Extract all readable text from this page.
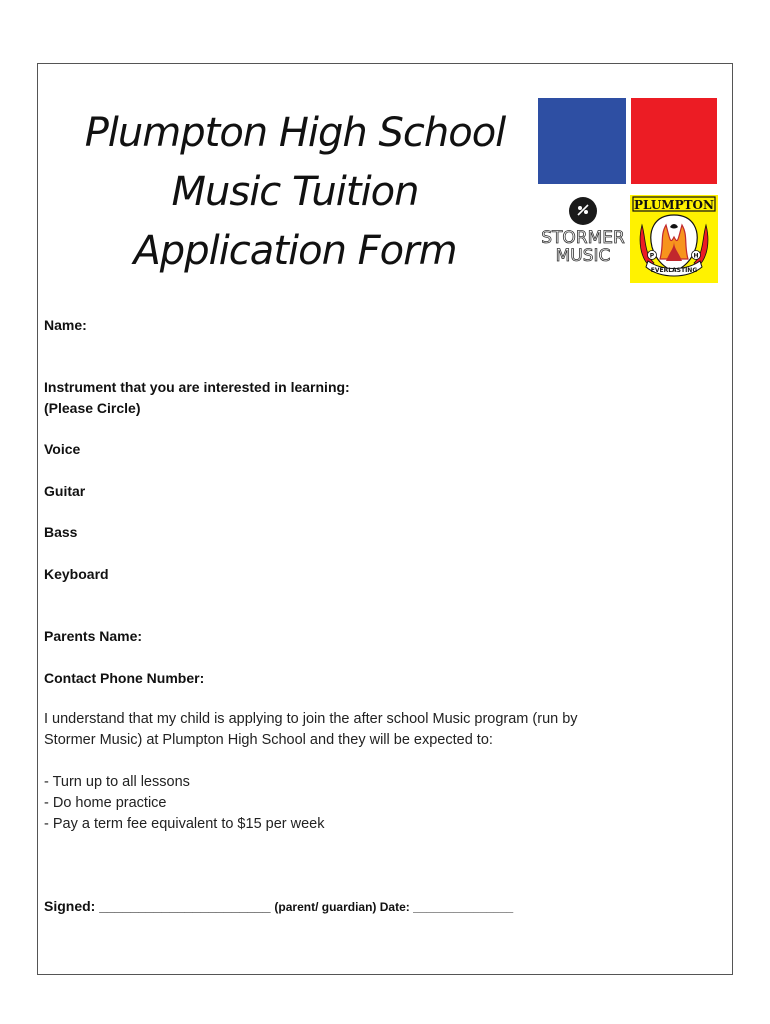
Plumpton High School
Music Tuition
Application Form	STORMER
MUSIC
PLUMPTON
P	H
EVERLASTING
Name:
Instrument that you are interested in learning:
(Please Circle)
Voice
Guitar
Bass
Keyboard
Parents Name:
Contact Phone Number:
I understand that my child is applying to join the after school Music program (run by
Stormer Music) at Plumpton High School and they will be expected to:
- Turn up to all lessons
- Do home practice
- Pay a term fee equivalent to $15 per week
Signed: ______________________ (parent/ guardian) Date: _______________
